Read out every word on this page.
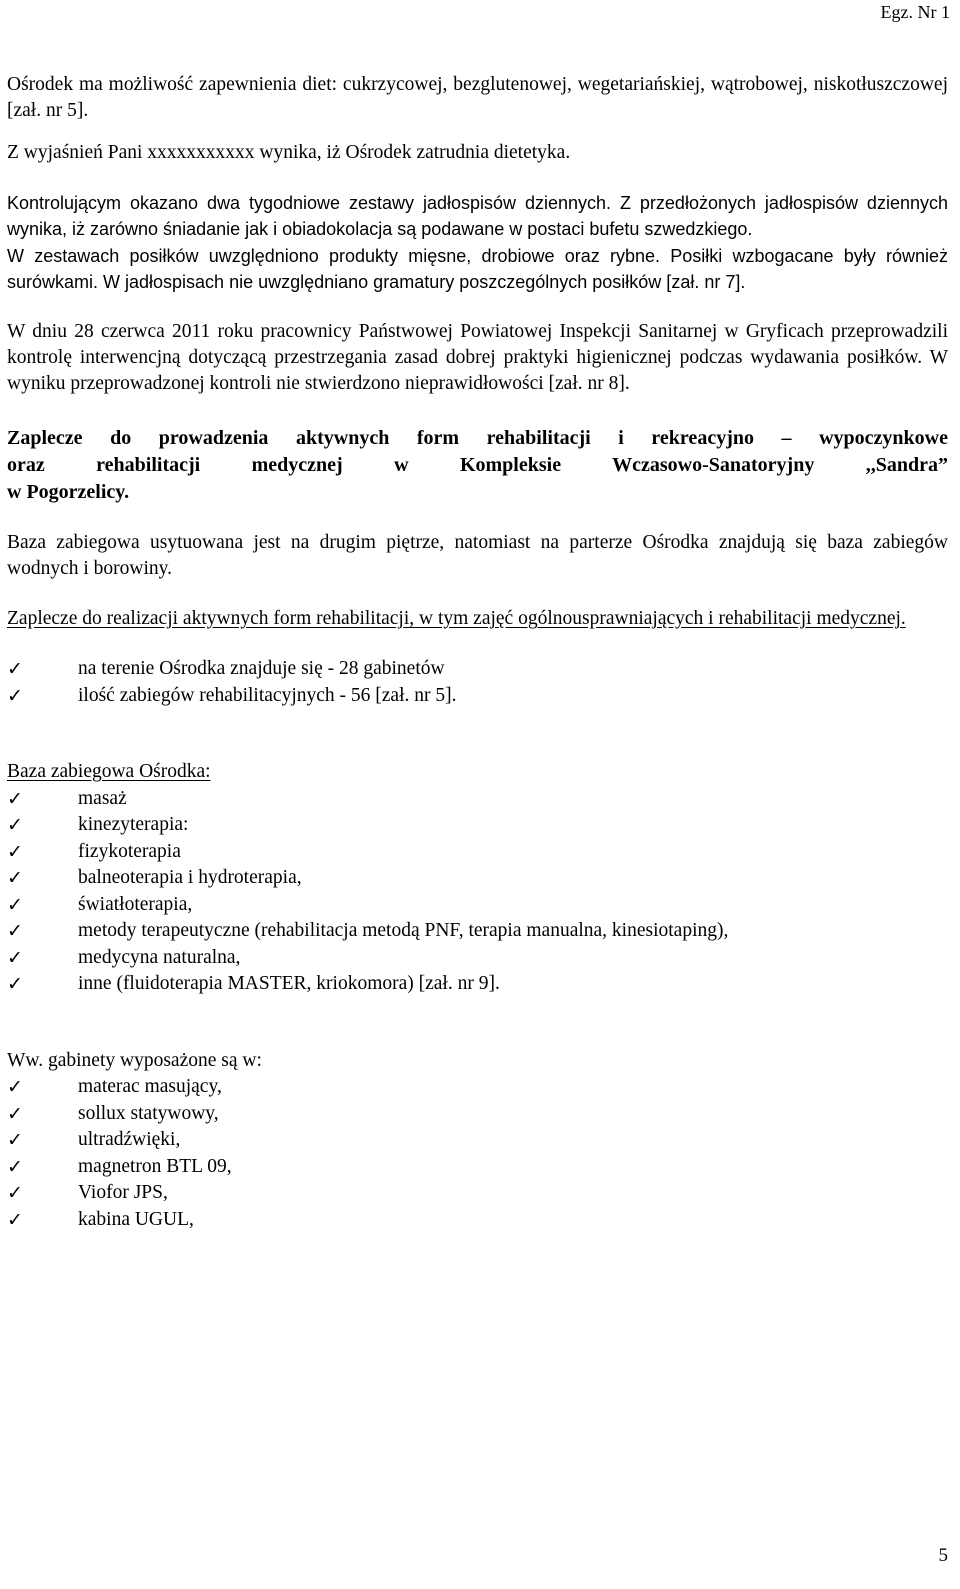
Egz. Nr 1

Ośrodek ma możliwość zapewnienia diet: cukrzycowej, bezglutenowej, wegetariańskiej, wątrobowej, niskotłuszczowej [zał. nr 5].

Z wyjaśnień Pani xxxxxxxxxxx wynika, iż Ośrodek zatrudnia dietetyka.

Kontrolującym okazano dwa tygodniowe zestawy jadłospisów dziennych. Z przedłożonych jadłospisów dziennych wynika, iż zarówno śniadanie jak i obiadokolacja są podawane w postaci bufetu szwedzkiego.

W zestawach posiłków uwzględniono produkty mięsne, drobiowe oraz rybne. Posiłki wzbogacane były również surówkami. W jadłospisach nie uwzględniano gramatury poszczególnych posiłków [zał. nr 7].

W dniu 28 czerwca 2011 roku pracownicy Państwowej Powiatowej Inspekcji Sanitarnej w Gryficach przeprowadzili kontrolę interwencjną dotyczącą przestrzegania zasad dobrej praktyki higienicznej podczas wydawania posiłków. W wyniku przeprowadzonej kontroli nie stwierdzono nieprawidłowości [zał. nr 8].

Zaplecze do prowadzenia aktywnych form rehabilitacji i rekreacyjno – wypoczynkowe

oraz rehabilitacji medycznej w Kompleksie Wczasowo-Sanatoryjny ,,Sandra”

w Pogorzelicy.

Baza zabiegowa usytuowana jest na drugim piętrze, natomiast na parterze Ośrodka znajdują się baza zabiegów wodnych i borowiny.

Zaplecze do realizacji aktywnych form rehabilitacji, w tym zajęć ogólnousprawniających i rehabilitacji medycznej.

✓	na terenie Ośrodka znajduje się - 28 gabinetów
✓	ilość zabiegów rehabilitacyjnych - 56 [zał. nr 5].
Baza zabiegowa Ośrodka:
✓	masaż
✓	kinezyterapia:
✓	fizykoterapia
✓	balneoterapia i hydroterapia,
✓	światłoterapia,
✓	metody terapeutyczne (rehabilitacja metodą PNF, terapia manualna, kinesiotaping),
✓	medycyna naturalna,
✓	inne (fluidoterapia MASTER, kriokomora) [zał. nr 9].
Ww. gabinety wyposażone są w:
✓	materac masujący,
✓	sollux statywowy,
✓	ultradźwięki,
✓	magnetron BTL 09,
✓	Viofor JPS,
✓	kabina UGUL,
5
